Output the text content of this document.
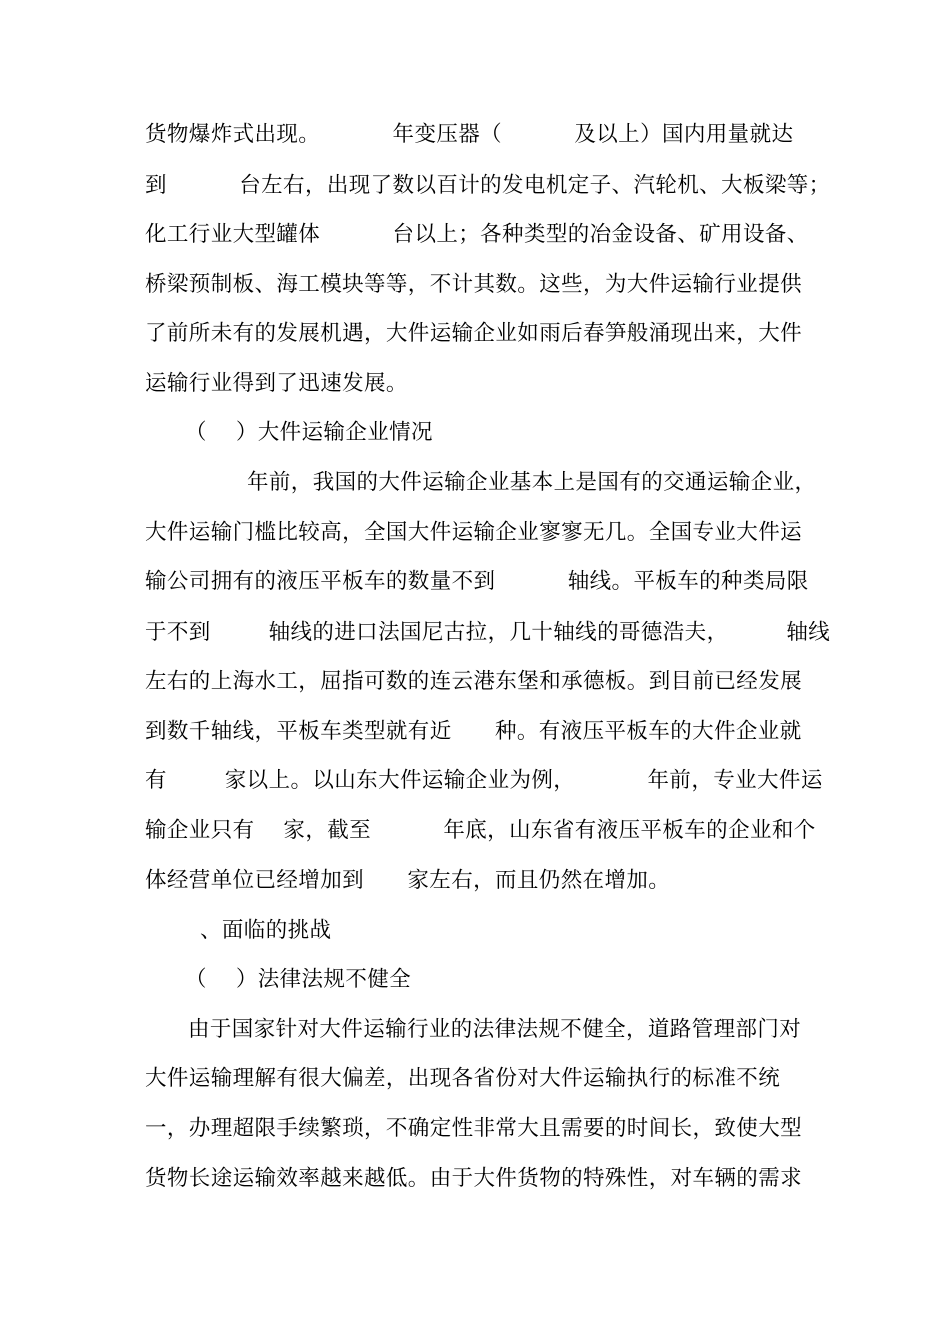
货物爆炸式出现。          年变压器（          及以上）国内用量就达
到          台左右，出现了数以百计的发电机定子、汽轮机、大板梁等；
化工行业大型罐体          台以上；各种类型的冶金设备、矿用设备、
桥梁预制板、海工模块等等，不计其数。这些，为大件运输行业提供
了前所未有的发展机遇，大件运输企业如雨后春笋般涌现出来，大件
运输行业得到了迅速发展。
（    ）大件运输企业情况
年前，我国的大件运输企业基本上是国有的交通运输企业，
大件运输门槛比较高，全国大件运输企业寥寥无几。全国专业大件运
输公司拥有的液压平板车的数量不到          轴线。平板车的种类局限
于不到        轴线的进口法国尼古拉，几十轴线的哥德浩夫，        轴线
左右的上海水工，屈指可数的连云港东堡和承德板。到目前已经发展
到数千轴线，平板车类型就有近      种。有液压平板车的大件企业就
有        家以上。以山东大件运输企业为例，          年前，专业大件运
输企业只有    家，截至          年底，山东省有液压平板车的企业和个
体经营单位已经增加到      家左右，而且仍然在增加。
、面临的挑战
（    ）法律法规不健全
由于国家针对大件运输行业的法律法规不健全，道路管理部门对
大件运输理解有很大偏差，出现各省份对大件运输执行的标准不统
一，办理超限手续繁琐，不确定性非常大且需要的时间长，致使大型
货物长途运输效率越来越低。由于大件货物的特殊性，对车辆的需求
